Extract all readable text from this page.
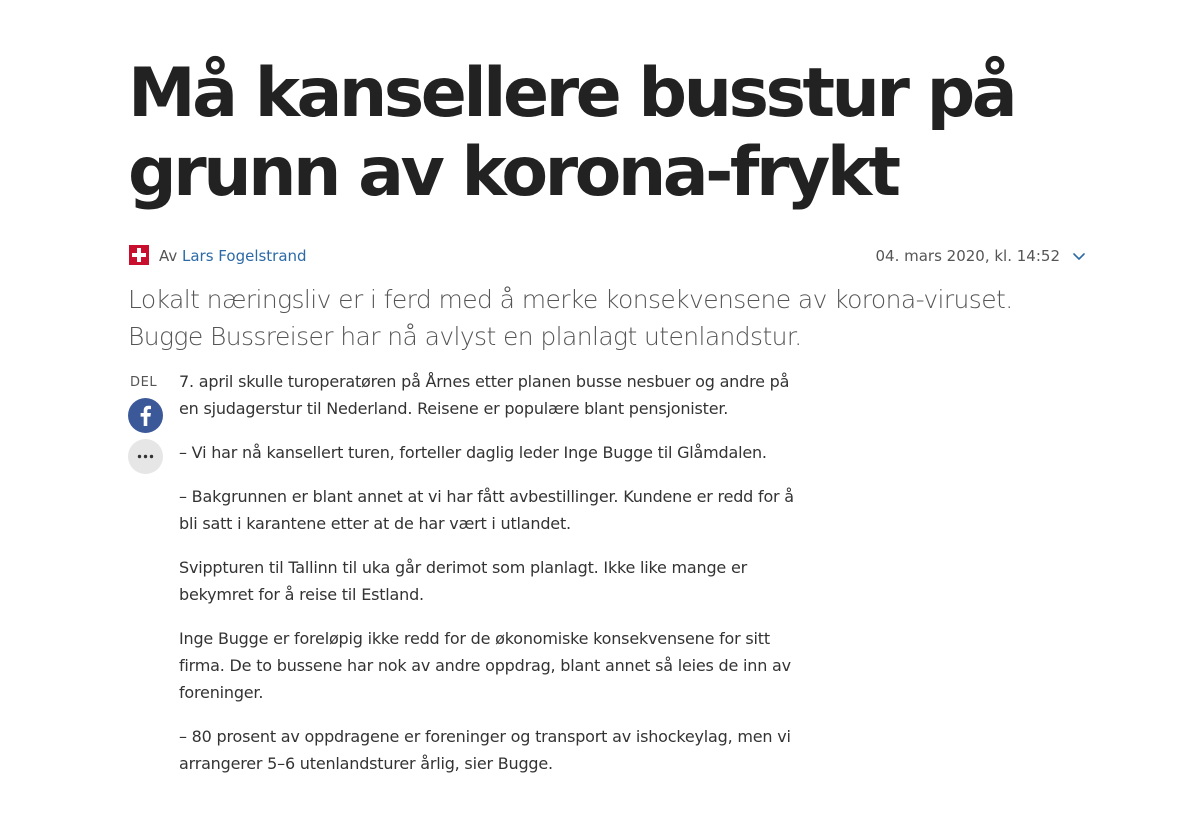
Må kansellere busstur på grunn av korona-frykt
Av Lars Fogelstrand	04. mars 2020, kl. 14:52

Lokalt næringsliv er i ferd med å merke konsekvensene av korona-viruset. Bugge Bussreiser har nå avlyst en planlagt utenlandstur.

DEL 7. april skulle turoperatøren på Årnes etter planen busse nesbuer og andre på en sjudagerstur til Nederland. Reisene er populære blant pensjonister.

– Vi har nå kansellert turen, forteller daglig leder Inge Bugge til Glåmdalen.

– Bakgrunnen er blant annet at vi har fått avbestillinger. Kundene er redd for å bli satt i karantene etter at de har vært i utlandet.

Svippturen til Tallinn til uka går derimot som planlagt. Ikke like mange er bekymret for å reise til Estland.

Inge Bugge er foreløpig ikke redd for de økonomiske konsekvensene for sitt firma. De to bussene har nok av andre oppdrag, blant annet så leies de inn av foreninger.

– 80 prosent av oppdragene er foreninger og transport av ishockeylag, men vi arrangerer 5–6 utenlandsturer årlig, sier Bugge.
